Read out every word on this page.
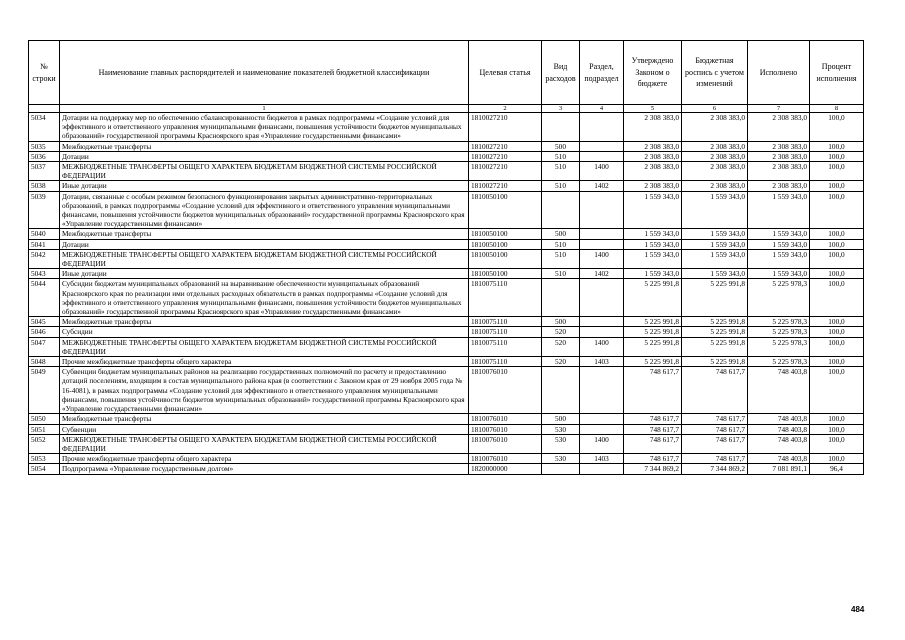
№ строки	Наименование главных распорядителей и наименование показателей бюджетной классификации	Целевая статья	Вид расходов	Раздел, подраздел	Утверждено Законом о бюджете	Бюджетная роспись с учетом изменений	Исполнено	Процент исполнения
	1	2	3	4	5	6	7	8
5034	Дотации на поддержку мер по обеспечению сбалансированности бюджетов в рамках подпрограммы «Создание условий для эффективного и ответственного управления муниципальными финансами, повышения устойчивости бюджетов муниципальных образований» государственной программы Красноярского края «Управление государственными финансами»	1810027210			2 308 383,0	2 308 383,0	2 308 383,0	100,0
5035	Межбюджетные трансферты	1810027210	500		2 308 383,0	2 308 383,0	2 308 383,0	100,0
5036	Дотации	1810027210	510		2 308 383,0	2 308 383,0	2 308 383,0	100,0
5037	МЕЖБЮДЖЕТНЫЕ ТРАНСФЕРТЫ ОБЩЕГО ХАРАКТЕРА БЮДЖЕТАМ БЮДЖЕТНОЙ СИСТЕМЫ РОССИЙСКОЙ ФЕДЕРАЦИИ	1810027210	510	1400	2 308 383,0	2 308 383,0	2 308 383,0	100,0
5038	Иные дотации	1810027210	510	1402	2 308 383,0	2 308 383,0	2 308 383,0	100,0
5039	Дотации, связанные с особым режимом безопасного функционирования закрытых административно-территориальных образований, в рамках подпрограммы «Создание условий для эффективного и ответственного управления муниципальными финансами, повышения устойчивости бюджетов муниципальных образований» государственной программы Красноярского края «Управление государственными финансами»	1810050100			1 559 343,0	1 559 343,0	1 559 343,0	100,0
5040	Межбюджетные трансферты	1810050100	500		1 559 343,0	1 559 343,0	1 559 343,0	100,0
5041	Дотации	1810050100	510		1 559 343,0	1 559 343,0	1 559 343,0	100,0
5042	МЕЖБЮДЖЕТНЫЕ ТРАНСФЕРТЫ ОБЩЕГО ХАРАКТЕРА БЮДЖЕТАМ БЮДЖЕТНОЙ СИСТЕМЫ РОССИЙСКОЙ ФЕДЕРАЦИИ	1810050100	510	1400	1 559 343,0	1 559 343,0	1 559 343,0	100,0
5043	Иные дотации	1810050100	510	1402	1 559 343,0	1 559 343,0	1 559 343,0	100,0
5044	Субсидии бюджетам муниципальных образований на выравнивание обеспеченности муниципальных образований Красноярского края по реализации ими отдельных расходных обязательств в рамках подпрограммы «Создание условий для эффективного и ответственного управления муниципальными финансами, повышения устойчивости бюджетов муниципальных образований» государственной программы Красноярского края «Управление государственными финансами»	1810075110			5 225 991,8	5 225 991,8	5 225 978,3	100,0
5045	Межбюджетные трансферты	1810075110	500		5 225 991,8	5 225 991,8	5 225 978,3	100,0
5046	Субсидии	1810075110	520		5 225 991,8	5 225 991,8	5 225 978,3	100,0
5047	МЕЖБЮДЖЕТНЫЕ ТРАНСФЕРТЫ ОБЩЕГО ХАРАКТЕРА БЮДЖЕТАМ БЮДЖЕТНОЙ СИСТЕМЫ РОССИЙСКОЙ ФЕДЕРАЦИИ	1810075110	520	1400	5 225 991,8	5 225 991,8	5 225 978,3	100,0
5048	Прочие межбюджетные трансферты общего характера	1810075110	520	1403	5 225 991,8	5 225 991,8	5 225 978,3	100,0
5049	Субвенции бюджетам муниципальных районов на реализацию государственных полномочий по расчету и предоставлению дотаций поселениям, входящим в состав муниципального района края (в соответствии с Законом края от 29 ноября 2005 года № 16-4081), в рамках подпрограммы «Создание условий для эффективного и ответственного управления муниципальными финансами, повышения устойчивости бюджетов муниципальных образований» государственной программы Красноярского края «Управление государственными финансами»	1810076010			748 617,7	748 617,7	748 403,8	100,0
5050	Межбюджетные трансферты	1810076010	500		748 617,7	748 617,7	748 403,8	100,0
5051	Субвенции	1810076010	530		748 617,7	748 617,7	748 403,8	100,0
5052	МЕЖБЮДЖЕТНЫЕ ТРАНСФЕРТЫ ОБЩЕГО ХАРАКТЕРА БЮДЖЕТАМ БЮДЖЕТНОЙ СИСТЕМЫ РОССИЙСКОЙ ФЕДЕРАЦИИ	1810076010	530	1400	748 617,7	748 617,7	748 403,8	100,0
5053	Прочие межбюджетные трансферты общего характера	1810076010	530	1403	748 617,7	748 617,7	748 403,8	100,0
5054	Подпрограмма «Управление государственным долгом»	1820000000			7 344 869,2	7 344 869,2	7 081 891,1	96,4
484
